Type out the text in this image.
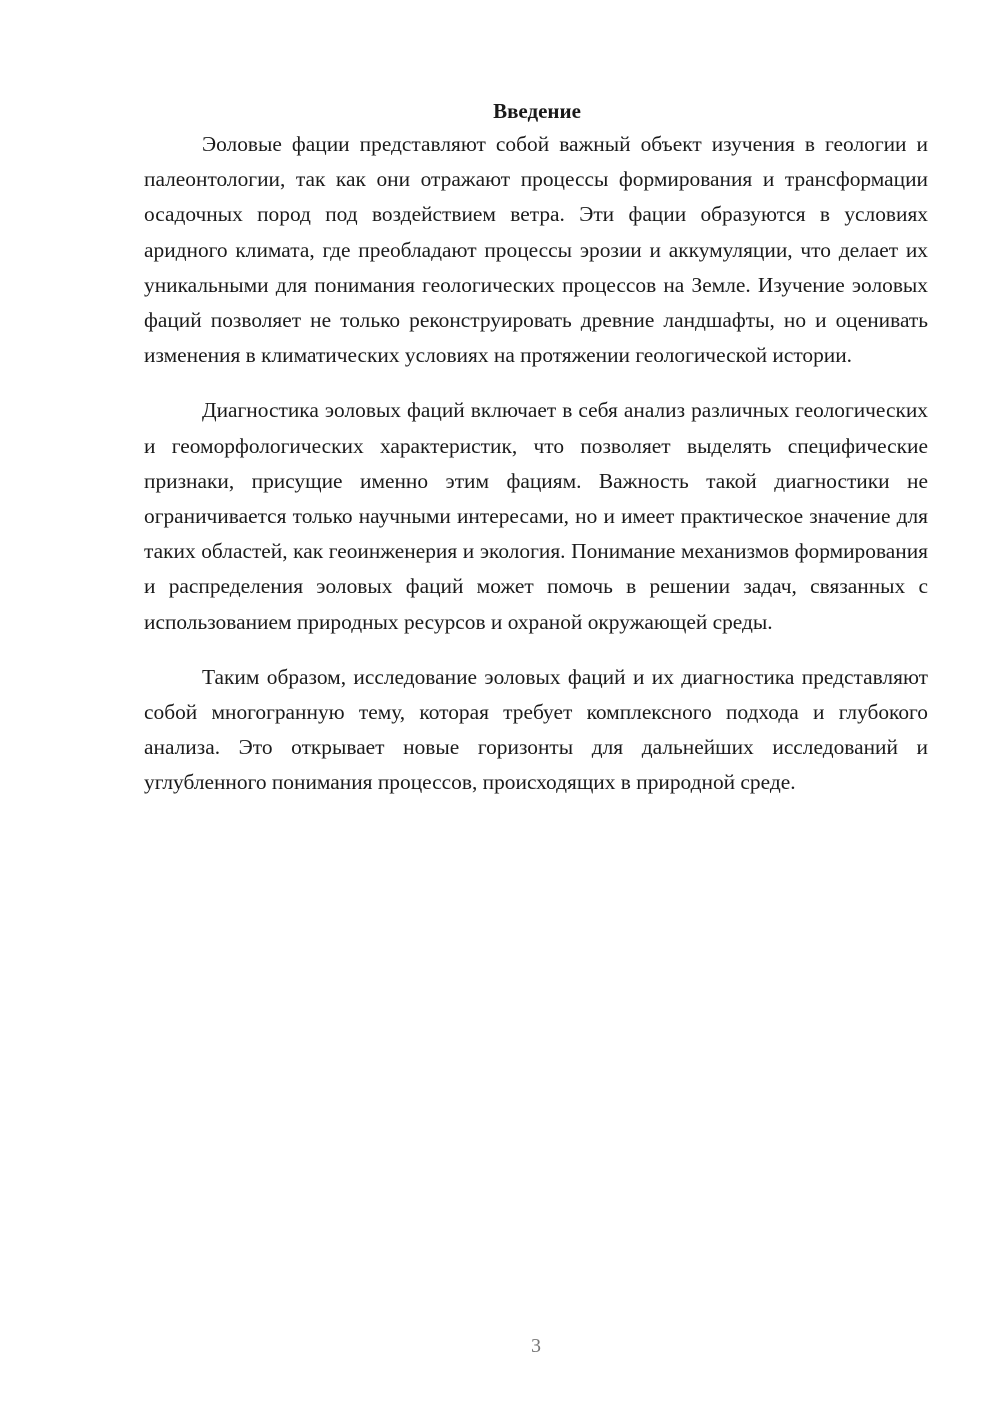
Введение

Эоловые фации представляют собой важный объект изучения в геологии и палеонтологии, так как они отражают процессы формирования и трансформации осадочных пород под воздействием ветра. Эти фации образуются в условиях аридного климата, где преобладают процессы эрозии и аккумуляции, что делает их уникальными для понимания геологических процессов на Земле. Изучение эоловых фаций позволяет не только реконструировать древние ландшафты, но и оценивать изменения в климатических условиях на протяжении геологической истории.

Диагностика эоловых фаций включает в себя анализ различных геологических и геоморфологических характеристик, что позволяет выделять специфические признаки, присущие именно этим фациям. Важность такой диагностики не ограничивается только научными интересами, но и имеет практическое значение для таких областей, как геоинженерия и экология. Понимание механизмов формирования и распределения эоловых фаций может помочь в решении задач, связанных с использованием природных ресурсов и охраной окружающей среды.

Таким образом, исследование эоловых фаций и их диагностика представляют собой многогранную тему, которая требует комплексного подхода и глубокого анализа. Это открывает новые горизонты для дальнейших исследований и углубленного понимания процессов, происходящих в природной среде.

3
